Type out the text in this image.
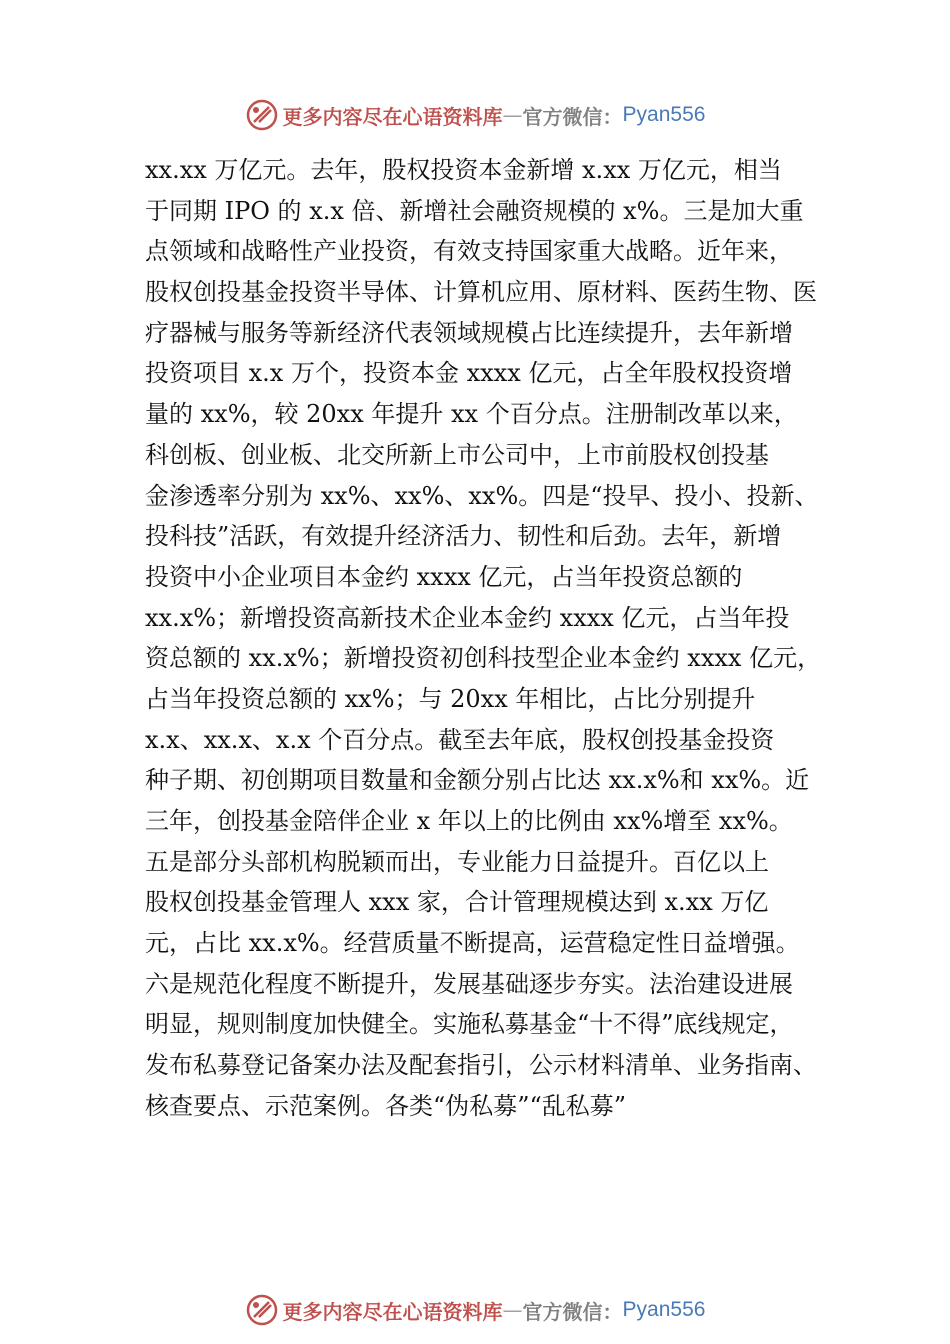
更多内容尽在心语资料库 — 官方微信： Pyan556
xx.xx 万亿元。去年，股权投资本金新增 x.xx 万亿元，相当
于同期 IPO 的 x.x 倍、新增社会融资规模的 x%。三是加大重
点领域和战略性产业投资，有效支持国家重大战略。近年来，
股权创投基金投资半导体、计算机应用、原材料、医药生物、医
疗器械与服务等新经济代表领域规模占比连续提升，去年新增
投资项目 x.x 万个，投资本金 xxxx 亿元，占全年股权投资增
量的 xx%，较 20xx 年提升 xx 个百分点。注册制改革以来，
科创板、创业板、北交所新上市公司中，上市前股权创投基
金渗透率分别为 xx%、xx%、xx%。四是“投早、投小、投新、
投科技”活跃，有效提升经济活力、韧性和后劲。去年，新增
投资中小企业项目本金约 xxxx 亿元，占当年投资总额的
xx.x%；新增投资高新技术企业本金约 xxxx 亿元，占当年投
资总额的 xx.x%；新增投资初创科技型企业本金约 xxxx 亿元，
占当年投资总额的 xx%；与 20xx 年相比，占比分别提升
x.x、xx.x、x.x 个百分点。截至去年底，股权创投基金投资
种子期、初创期项目数量和金额分别占比达 xx.x%和 xx%。近
三年，创投基金陪伴企业 x 年以上的比例由 xx%增至 xx%。
五是部分头部机构脱颖而出，专业能力日益提升。百亿以上
股权创投基金管理人 xxx 家，合计管理规模达到 x.xx 万亿
元，占比 xx.x%。经营质量不断提高，运营稳定性日益增强。
六是规范化程度不断提升，发展基础逐步夯实。法治建设进展
明显，规则制度加快健全。实施私募基金“十不得”底线规定，
发布私募登记备案办法及配套指引，公示材料清单、业务指南、
核查要点、示范案例。各类“伪私募”“乱私募”
更多内容尽在心语资料库 — 官方微信： Pyan556
